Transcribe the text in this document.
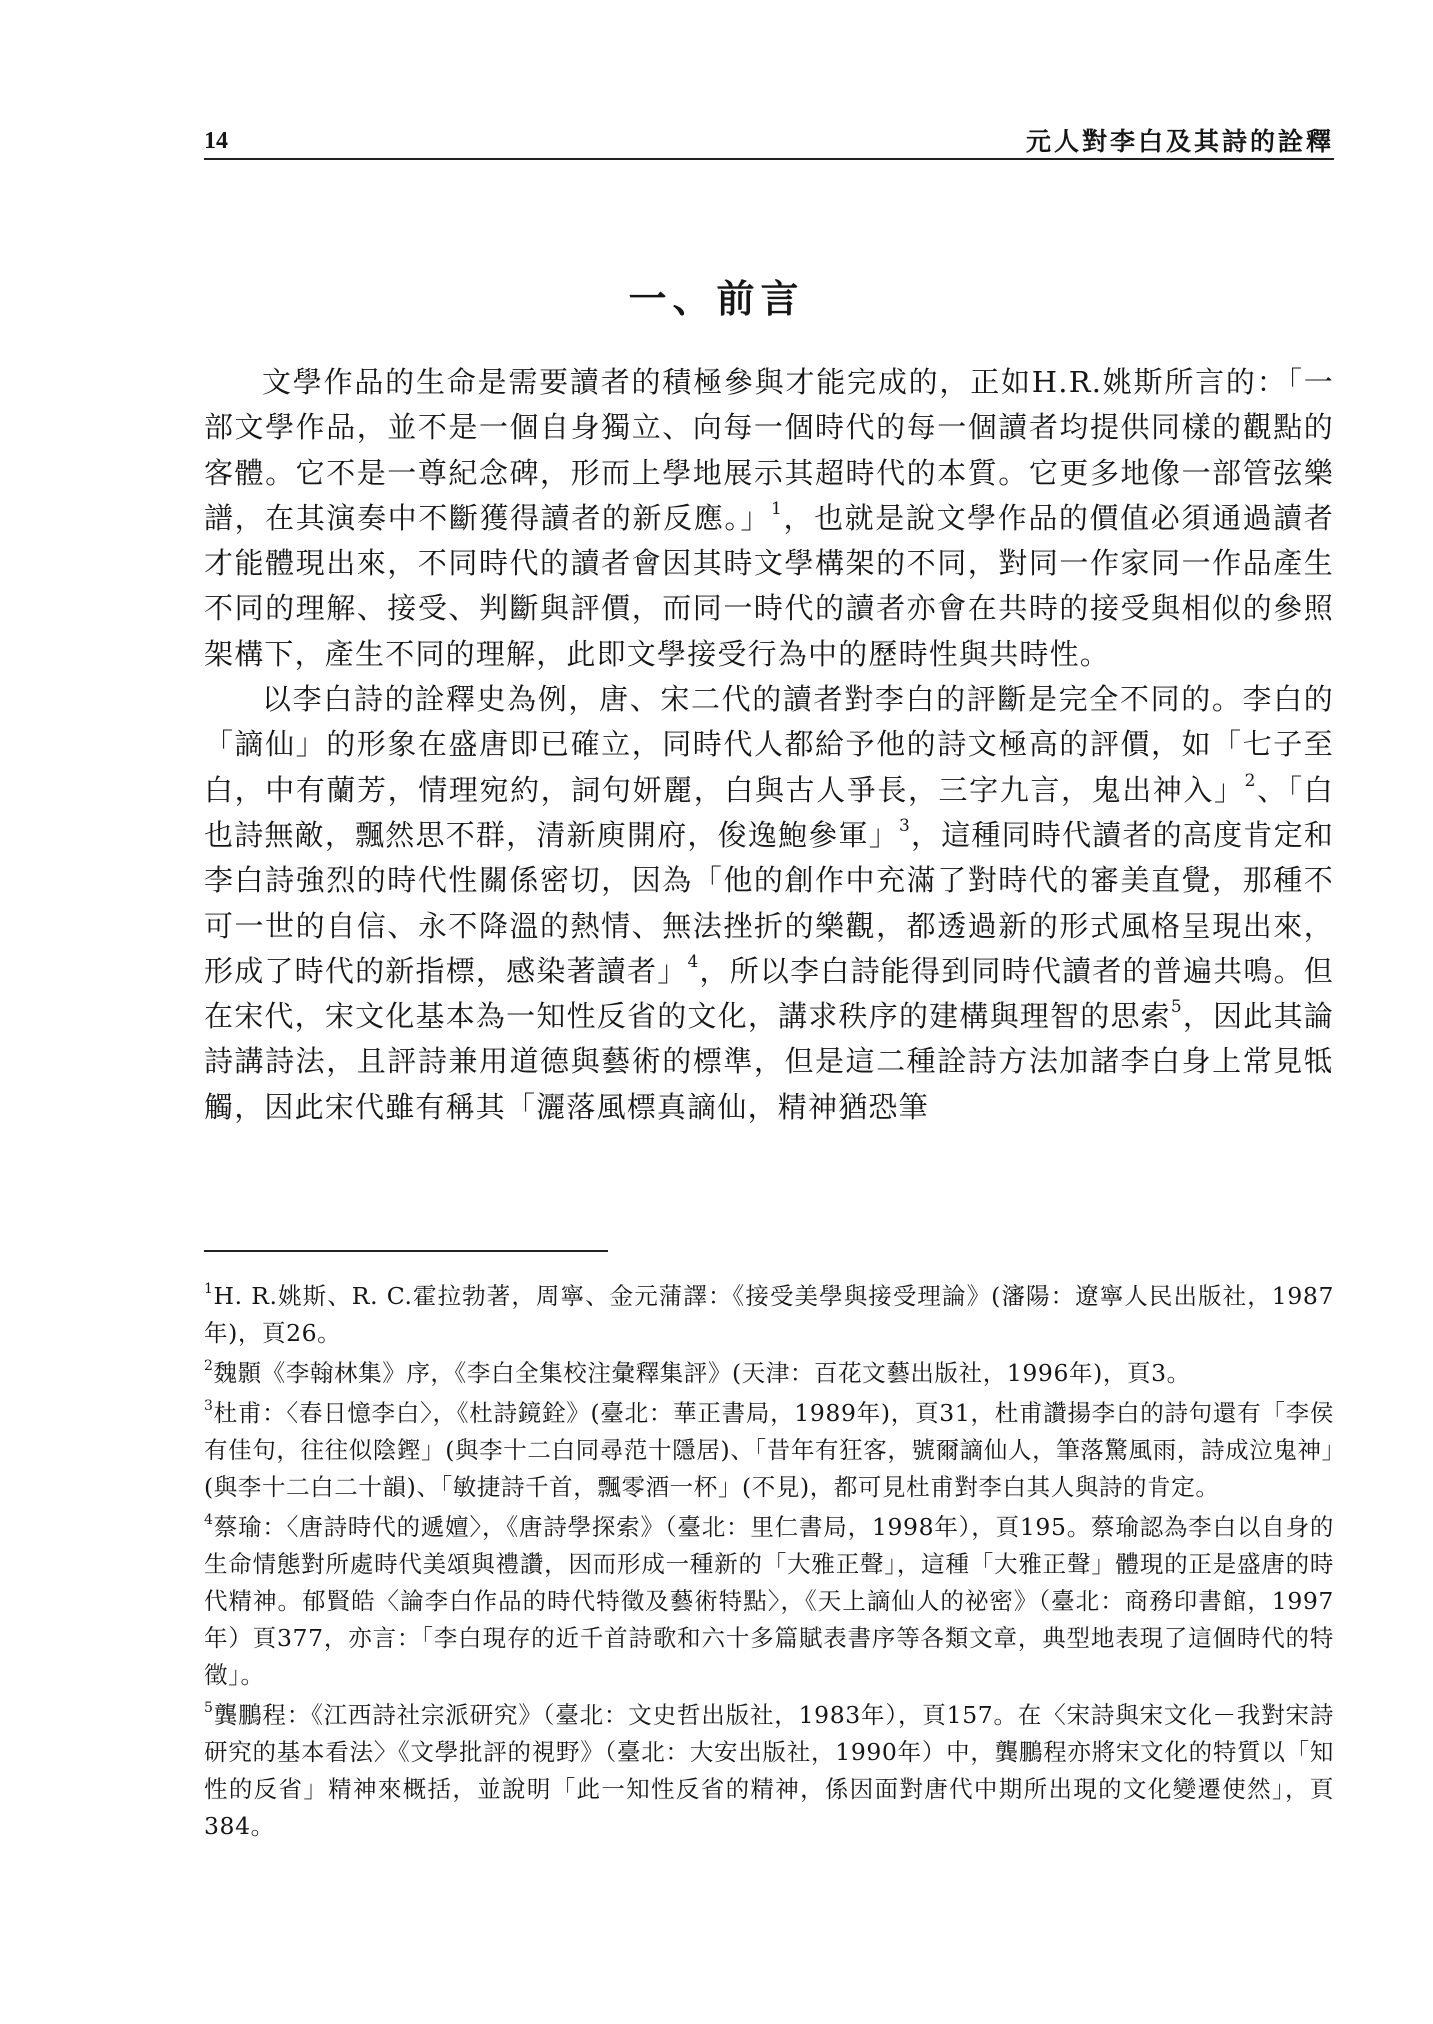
14	元人對李白及其詩的詮釋
一、前言

文學作品的生命是需要讀者的積極參與才能完成的，正如H.R.姚斯所言的：「一部文學作品，並不是一個自身獨立、向每一個時代的每一個讀者均提供同樣的觀點的客體。它不是一尊紀念碑，形而上學地展示其超時代的本質。它更多地像一部管弦樂譜，在其演奏中不斷獲得讀者的新反應。」$^1$，也就是說文學作品的價值必須通過讀者才能體現出來，不同時代的讀者會因其時文學構架的不同，對同一作家同一作品產生不同的理解、接受、判斷與評價，而同一時代的讀者亦會在共時的接受與相似的參照架構下，產生不同的理解，此即文學接受行為中的歷時性與共時性。

以李白詩的詮釋史為例，唐、宋二代的讀者對李白的評斷是完全不同的。李白的「謫仙」的形象在盛唐即已確立，同時代人都給予他的詩文極高的評價，如「七子至白，中有蘭芳，情理宛約，詞句妍麗，白與古人爭長，三字九言，鬼出神入」$^2$、「白也詩無敵，飄然思不群，清新庾開府，俊逸鮑參軍」$^3$，這種同時代讀者的高度肯定和李白詩強烈的時代性關係密切，因為「他的創作中充滿了對時代的審美直覺，那種不可一世的自信、永不降溫的熱情、無法挫折的樂觀，都透過新的形式風格呈現出來，形成了時代的新指標，感染著讀者」$^4$，所以李白詩能得到同時代讀者的普遍共鳴。但在宋代，宋文化基本為一知性反省的文化，講求秩序的建構與理智的思索$^5$，因此其論詩講詩法，且評詩兼用道德與藝術的標準，但是這二種詮詩方法加諸李白身上常見牴觸，因此宋代雖有稱其「灑落風標真謫仙，精神猶恐筆

$^1$H. R.姚斯、R. C.霍拉勃著，周寧、金元蒲譯：《接受美學與接受理論》(瀋陽：遼寧人民出版社，1987年)，頁26。

$^2$魏顥《李翰林集》序，《李白全集校注彙釋集評》(天津：百花文藝出版社，1996年)，頁3。

$^3$杜甫：〈春日憶李白〉，《杜詩鏡銓》(臺北：華正書局，1989年)，頁31，杜甫讚揚李白的詩句還有「李侯有佳句，往往似陰鏗」(與李十二白同尋范十隱居)、「昔年有狂客，號爾謫仙人，筆落驚風雨，詩成泣鬼神」(與李十二白二十韻)、「敏捷詩千首，飄零酒一杯」(不見)，都可見杜甫對李白其人與詩的肯定。

$^4$蔡瑜：〈唐詩時代的遞嬗〉，《唐詩學探索》（臺北：里仁書局，1998年），頁195。蔡瑜認為李白以自身的生命情態對所處時代美頌與禮讚，因而形成一種新的「大雅正聲」，這種「大雅正聲」體現的正是盛唐的時代精神。郁賢皓〈論李白作品的時代特徵及藝術特點〉，《天上謫仙人的祕密》（臺北：商務印書館，1997年）頁377，亦言：「李白現存的近千首詩歌和六十多篇賦表書序等各類文章，典型地表現了這個時代的特徵」。

$^5$龔鵬程：《江西詩社宗派研究》（臺北：文史哲出版社，1983年），頁157。在〈宋詩與宋文化－我對宋詩研究的基本看法〉《文學批評的視野》（臺北：大安出版社，1990年）中，龔鵬程亦將宋文化的特質以「知性的反省」精神來概括，並說明「此一知性反省的精神，係因面對唐代中期所出現的文化變遷使然」，頁384。
